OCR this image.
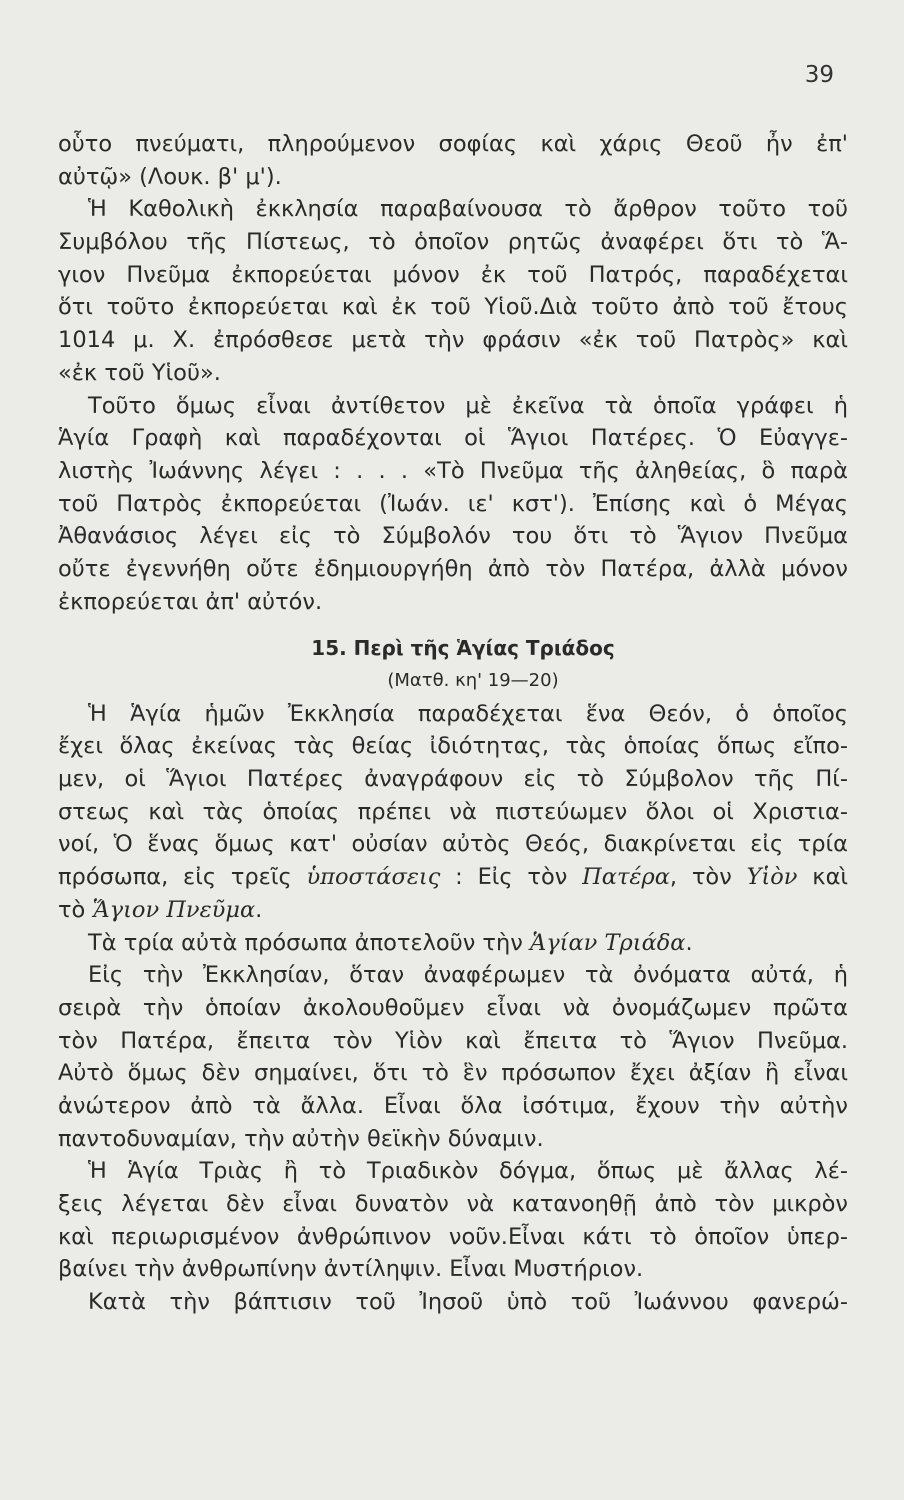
39
οὗτο πνεύματι, πληρούμενον σοφίας καὶ χάρις Θεοῦ ἦν ἐπ'
αὐτῷ» (Λουκ. β' μ').
Ἡ Καθολικὴ ἐκκλησία παραβαίνουσα τὸ ἄρθρον τοῦτο τοῦ
Συμβόλου τῆς Πίστεως, τὸ ὁποῖον ρητῶς ἀναφέρει ὅτι τὸ Ἅ-
γιον Πνεῦμα ἐκπορεύεται μόνον ἐκ τοῦ Πατρός, παραδέχεται
ὅτι τοῦτο ἐκπορεύεται καὶ ἐκ τοῦ Υἱοῦ.Διὰ τοῦτο ἀπὸ τοῦ ἔτους
1014 μ. Χ. ἐπρόσθεσε μετὰ τὴν φράσιν «ἐκ τοῦ Πατρὸς» καὶ
«ἐκ τοῦ Υἱοῦ».
Τοῦτο ὅμως εἶναι ἀντίθετον μὲ ἐκεῖνα τὰ ὁποῖα γράφει ἡ
Ἁγία Γραφὴ καὶ παραδέχονται οἱ Ἅγιοι Πατέρες. Ὁ Εὐαγγε-
λιστὴς Ἰωάννης λέγει : . . . «Τὸ Πνεῦμα τῆς ἀληθείας, ὃ παρὰ
τοῦ Πατρὸς ἐκπορεύεται (Ἰωάν. ιε' κστ'). Ἐπίσης καὶ ὁ Μέγας
Ἀθανάσιος λέγει εἰς τὸ Σύμβολόν του ὅτι τὸ Ἅγιον Πνεῦμα
οὔτε ἐγεννήθη οὔτε ἐδημιουργήθη ἀπὸ τὸν Πατέρα, ἀλλὰ μόνον
ἐκπορεύεται ἀπ' αὐτόν.
15. Περὶ τῆς Ἁγίας Τριάδος
(Ματθ. κη' 19—20)
Ἡ Ἁγία ἡμῶν Ἐκκλησία παραδέχεται ἕνα Θεόν, ὁ ὁποῖος
ἔχει ὅλας ἐκείνας τὰς θείας ἰδιότητας, τὰς ὁποίας ὅπως εἴπο-
μεν, οἱ Ἅγιοι Πατέρες ἀναγράφουν εἰς τὸ Σύμβολον τῆς Πί-
στεως καὶ τὰς ὁποίας πρέπει νὰ πιστεύωμεν ὅλοι οἱ Χριστια-
νοί, Ὁ ἕνας ὅμως κατ' οὐσίαν αὐτὸς Θεός, διακρίνεται εἰς τρία
πρόσωπα, εἰς τρεῖς ὑποστάσεις : Εἰς τὸν Πατέρα, τὸν Υἱὸν καὶ
τὸ Ἅγιον Πνεῦμα.
Τὰ τρία αὐτὰ πρόσωπα ἀποτελοῦν τὴν Ἁγίαν Τριάδα.
Εἰς τὴν Ἐκκλησίαν, ὅταν ἀναφέρωμεν τὰ ὀνόματα αὐτά, ἡ
σειρὰ τὴν ὁποίαν ἀκολουθοῦμεν εἶναι νὰ ὀνομάζωμεν πρῶτα
τὸν Πατέρα, ἔπειτα τὸν Υἱὸν καὶ ἔπειτα τὸ Ἅγιον Πνεῦμα.
Αὐτὸ ὅμως δὲν σημαίνει, ὅτι τὸ ἓν πρόσωπον ἔχει ἀξίαν ἢ εἶναι
ἀνώτερον ἀπὸ τὰ ἄλλα. Εἶναι ὅλα ἰσότιμα, ἔχουν τὴν αὐτὴν
παντοδυναμίαν, τὴν αὐτὴν θεϊκὴν δύναμιν.
Ἡ Ἁγία Τριὰς ἢ τὸ Τριαδικὸν δόγμα, ὅπως μὲ ἄλλας λέ-
ξεις λέγεται δὲν εἶναι δυνατὸν νὰ κατανοηθῇ ἀπὸ τὸν μικρὸν
καὶ περιωρισμένον ἀνθρώπινον νοῦν.Εἶναι κάτι τὸ ὁποῖον ὑπερ-
βαίνει τὴν ἀνθρωπίνην ἀντίληψιν. Εἶναι Μυστήριον.
Κατὰ τὴν βάπτισιν τοῦ Ἰησοῦ ὑπὸ τοῦ Ἰωάννου φανερώ-
